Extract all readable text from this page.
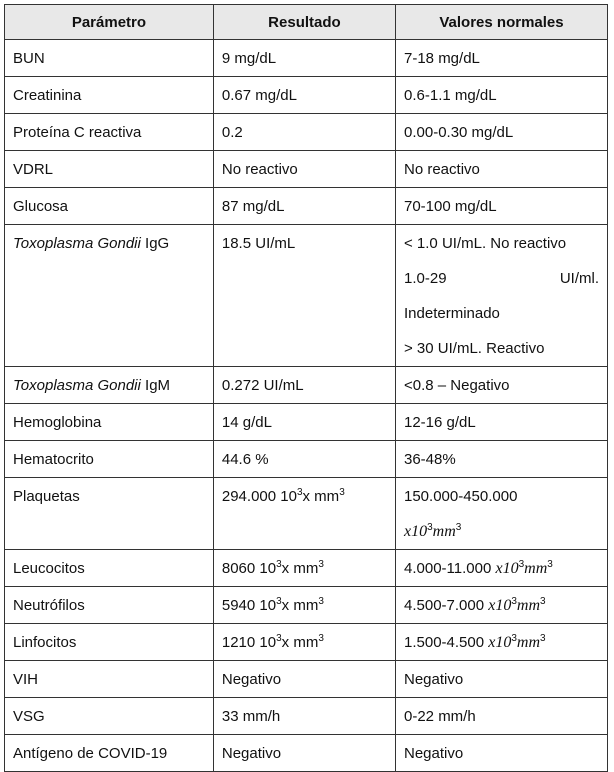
Parámetro	Resultado	Valores normales
BUN	9 mg/dL	7-18 mg/dL
Creatinina	0.67 mg/dL	0.6-1.1 mg/dL
Proteína C reactiva	0.2	0.00-0.30 mg/dL
VDRL	No reactivo	No reactivo
Glucosa	87 mg/dL	70-100 mg/dL
Toxoplasma Gondii IgG	18.5 UI/mL	< 1.0 UI/mL. No reactivo
1.0-29 UI/ml.
Indeterminado
> 30 UI/mL. Reactivo

Toxoplasma Gondii IgM	0.272 UI/mL	<0.8 – Negativo
Hemoglobina	14 g/dL	12-16 g/dL
Hematocrito	44.6 %	36-48%
Plaquetas	294.000 $10^3x$ $mm^3$	150.000-450.000
$x10^3mm^3$

Leucocitos	8060 $10^3x$ $mm^3$	4.000-11.000 $x10^3mm^3$
Neutrófilos	5940 $10^3x$ $mm^3$	4.500-7.000 $x10^3mm^3$
Linfocitos	1210 $10^3x$ $mm^3$	1.500-4.500 $x10^3mm^3$
VIH	Negativo	Negativo
VSG	33 mm/h	0-22 mm/h
Antígeno de COVID-19	Negativo	Negativo
